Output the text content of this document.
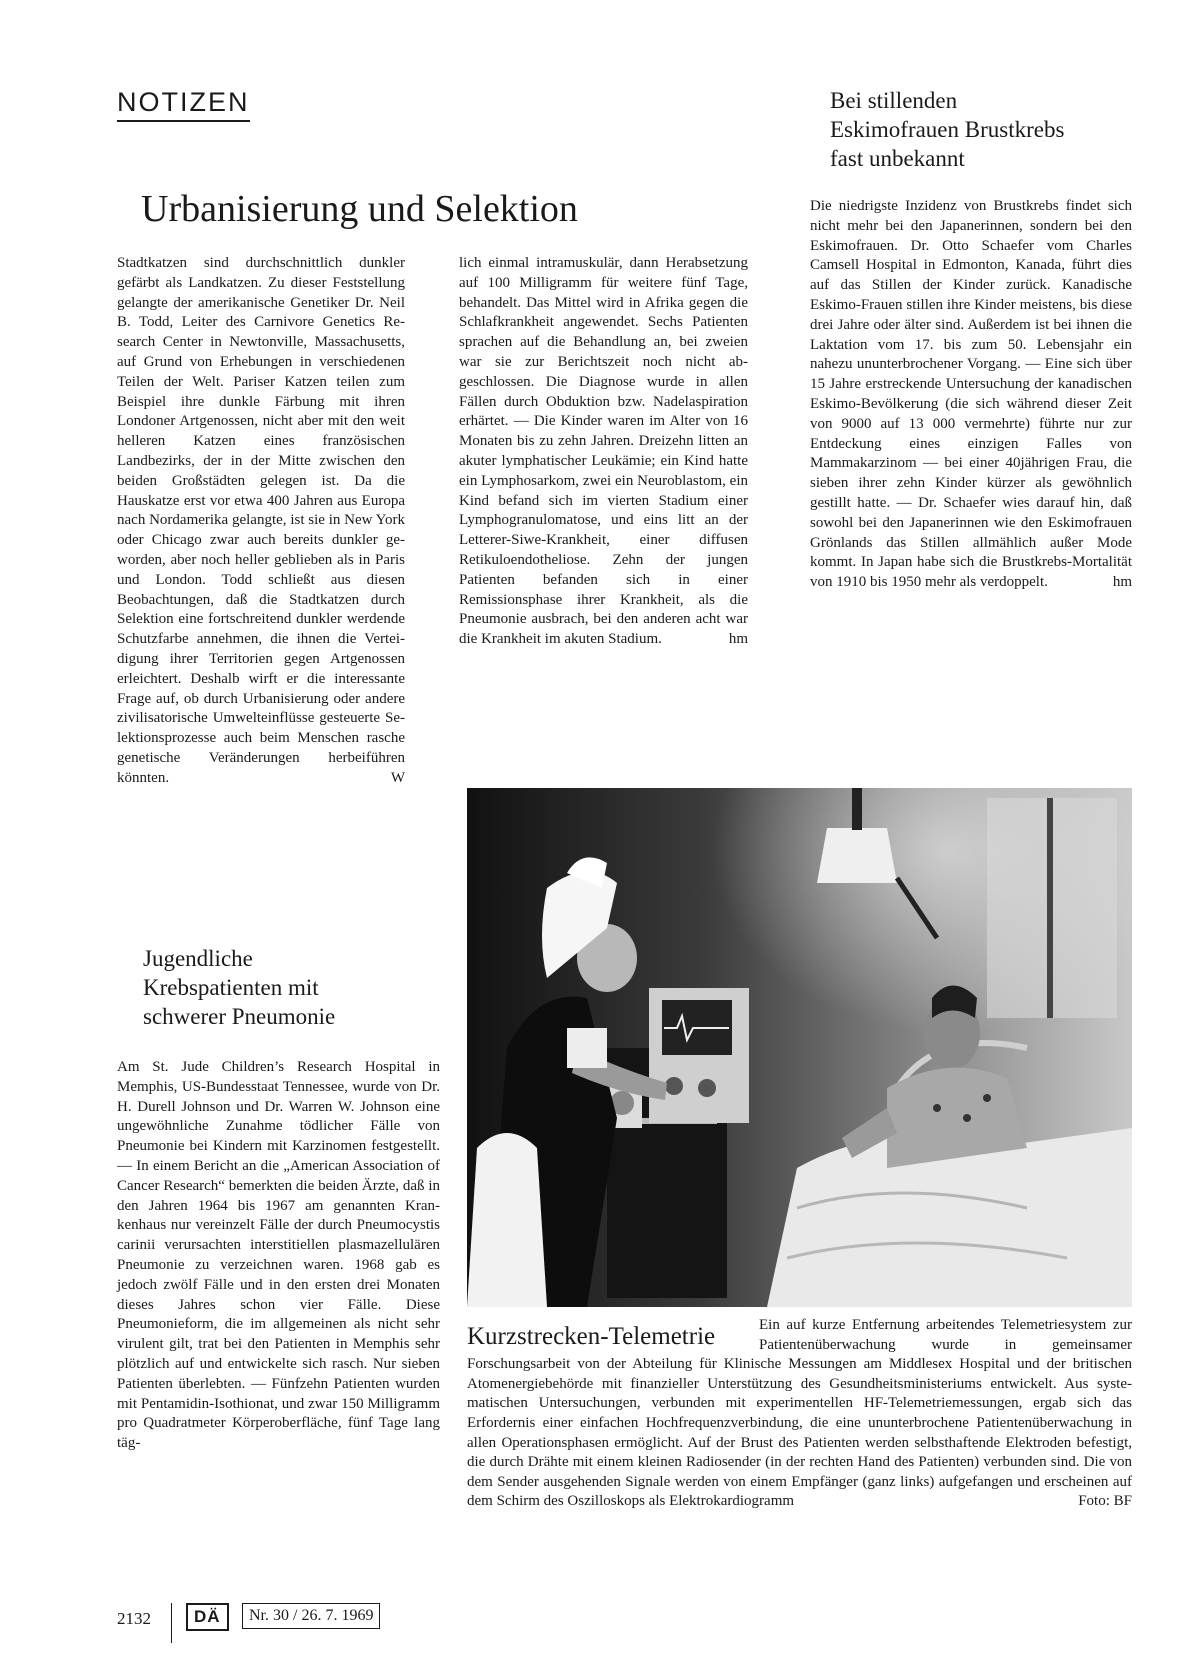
NOTIZEN
Urbanisierung und Selektion

Stadtkatzen sind durchschnittlich dunkler gefärbt als Landkatzen. Zu dieser Feststellung gelangte der amerikanische Genetiker Dr. Neil B. Todd, Leiter des Carnivore Genetics Research Center in Newtonville, Massachusetts, auf Grund von Erhebungen in verschiedenen Teilen der Welt. Pariser Katzen teilen zum Beispiel ihre dunkle Färbung mit ihren Londoner Artgenossen, nicht aber mit den weit helleren Katzen eines französischen Landbezirks, der in der Mitte zwischen den beiden Großstädten gelegen ist. Da die Hauskatze erst vor etwa 400 Jahren aus Europa nach Nordamerika gelangte, ist sie in New York oder Chicago zwar auch bereits dunkler geworden, aber noch heller geblieben als in Paris und London. Todd schließt aus diesen Beobachtungen, daß die Stadtkatzen durch Selektion eine fortschreitend dunkler werdende Schutzfarbe annehmen, die ihnen die Verteidigung ihrer Territorien gegen Artgenossen erleichtert. Deshalb wirft er die interessante Frage auf, ob durch Urbanisierung oder andere zivilisatorische Umwelteinflüsse gesteuerte Selektionsprozesse auch beim Menschen rasche genetische Veränderungen herbeiführen könnten.	W

lich einmal intramuskulär, dann Herabsetzung auf 100 Milligramm für weitere fünf Tage, behandelt. Das Mittel wird in Afrika gegen die Schlafkrankheit angewendet. Sechs Patienten sprachen auf die Behandlung an, bei zweien war sie zur Berichtszeit noch nicht abgeschlossen. Die Diagnose wurde in allen Fällen durch Obduktion bzw. Nadelaspiration erhärtet. — Die Kinder waren im Alter von 16 Monaten bis zu zehn Jahren. Dreizehn litten an akuter lymphatischer Leukämie; ein Kind hatte ein Lymphosarkom, zwei ein Neuroblastom, ein Kind befand sich im vierten Stadium einer Lymphogranulomatose, und eins litt an der Letterer-Siwe-Krankheit, einer diffusen Retikuloendotheliose. Zehn der jungen Patienten befanden sich in einer Remissionsphase ihrer Krankheit, als die Pneumonie ausbrach, bei den anderen acht war die Krankheit im akuten Stadium.	hm
Bei stillenden
Eskimofrauen Brustkrebs
fast unbekannt

Die niedrigste Inzidenz von Brustkrebs findet sich nicht mehr bei den Japanerinnen, sondern bei den Eskimofrauen. Dr. Otto Schaefer vom Charles Camsell Hospital in Edmonton, Kanada, führt dies auf das Stillen der Kinder zurück. Kanadische Eskimo-Frauen stillen ihre Kinder meistens, bis diese drei Jahre oder älter sind. Außerdem ist bei ihnen die Laktation vom 17. bis zum 50. Lebensjahr ein nahezu ununterbrochener Vorgang. — Eine sich über 15 Jahre erstreckende Untersuchung der kanadischen Eskimo-Bevölkerung (die sich während dieser Zeit von 9000 auf 13 000 vermehrte) führte nur zur Entdeckung eines einzigen Falles von Mammakarzinom — bei einer 40jährigen Frau, die sieben ihrer zehn Kinder kürzer als gewöhnlich gestillt hatte. — Dr. Schaefer wies darauf hin, daß sowohl bei den Japanerinnen wie den Eskimofrauen Grönlands das Stillen allmählich außer Mode kommt. In Japan habe sich die Brustkrebs-Mortalität von 1910 bis 1950 mehr als verdoppelt.	hm
Jugendliche
Krebspatienten mit
schwerer Pneumonie

Am St. Jude Children’s Research Hospital in Memphis, US-Bundesstaat Tennessee, wurde von Dr. H. Durell Johnson und Dr. Warren W. Johnson eine ungewöhnliche Zunahme tödlicher Fälle von Pneumonie bei Kindern mit Karzinomen festgestellt. — In einem Bericht an die „American Association of Cancer Research“ bemerkten die beiden Ärzte, daß in den Jahren 1964 bis 1967 am genannten Krankenhaus nur vereinzelt Fälle der durch Pneumocystis carinii verursachten interstitiellen plasmazellulären Pneumonie zu verzeichnen waren. 1968 gab es jedoch zwölf Fälle und in den ersten drei Monaten dieses Jahres schon vier Fälle. Diese Pneumonieform, die im allgemeinen als nicht sehr virulent gilt, trat bei den Patienten in Memphis sehr plötzlich auf und entwickelte sich rasch. Nur sieben Patienten überlebten. — Fünfzehn Patienten wurden mit Pentamidin-Isothionat, und zwar 150 Milligramm pro Quadratmeter Körperoberfläche, fünf Tage lang täg-

Kurzstrecken-Telemetrie	Ein auf kurze Entfernung arbeitendes Telemetriesystem zur Patientenüberwachung wurde in gemeinsamer Forschungsarbeit von der Abteilung für Klinische Messungen am Middlesex Hospital und der britischen Atomenergiebehörde mit finanzieller Unterstützung des Gesundheitsministeriums entwickelt. Aus systematischen Untersuchungen, verbunden mit experimentellen HF-Telemetriemessungen, ergab sich das Erfordernis einer einfachen Hochfrequenzverbindung, die eine ununterbrochene Patientenüberwachung in allen Operationsphasen ermöglicht. Auf der Brust des Patienten werden selbsthaftende Elektroden befestigt, die durch Drähte mit einem kleinen Radiosender (in der rechten Hand des Patienten) verbunden sind. Die von dem Sender ausgehenden Signale werden von einem Empfänger (ganz links) aufgefangen und erscheinen auf dem Schirm des Oszilloskops als Elektrokardiogramm	Foto: BF
2132	DÄ	Nr. 30 / 26. 7. 1969
